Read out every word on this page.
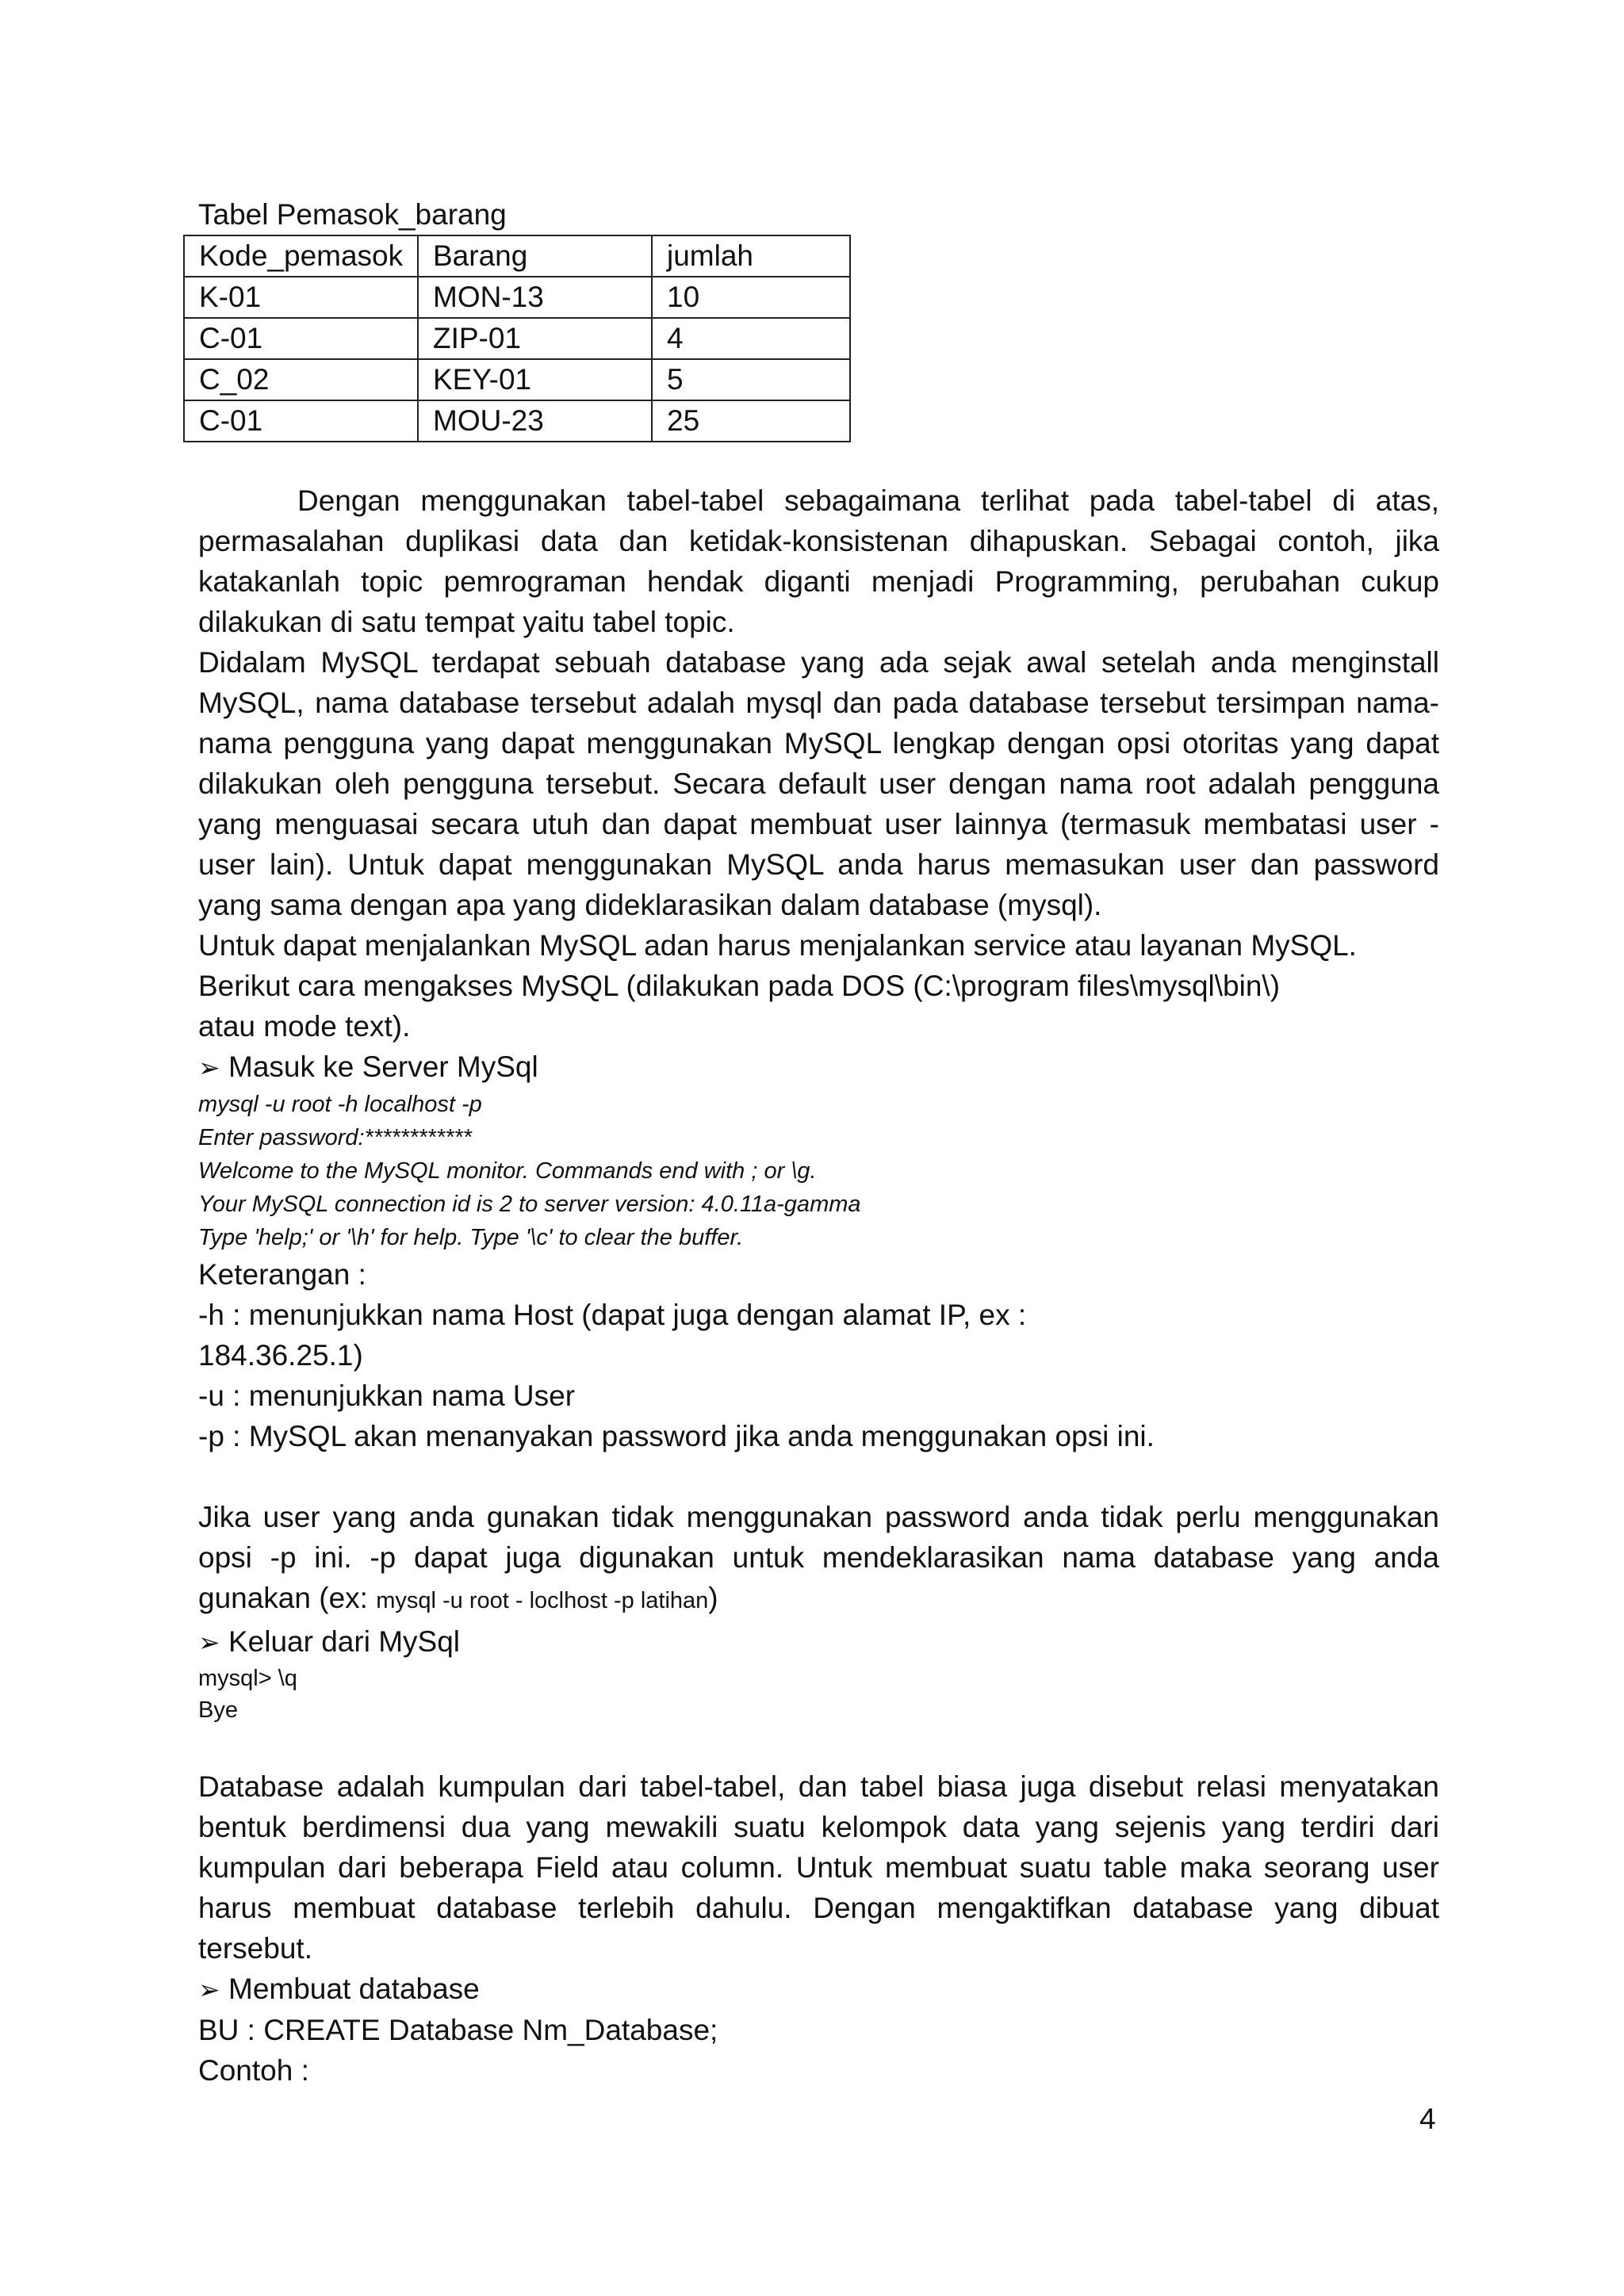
Tabel Pemasok_barang

Kode_pemasok	Barang	jumlah
K-01	MON-13	10
C-01	ZIP-01	4
C_02	KEY-01	5
C-01	MOU-23	25

Dengan menggunakan tabel-tabel sebagaimana terlihat pada tabel-tabel di atas, permasalahan duplikasi data dan ketidak-konsistenan dihapuskan. Sebagai contoh, jika katakanlah topic pemrograman hendak diganti menjadi Programming, perubahan cukup dilakukan di satu tempat yaitu tabel topic.

Didalam MySQL terdapat sebuah database yang ada sejak awal setelah anda menginstall MySQL, nama database tersebut adalah mysql dan pada database tersebut tersimpan nama-nama pengguna yang dapat menggunakan MySQL lengkap dengan opsi otoritas yang dapat dilakukan oleh pengguna tersebut. Secara default user dengan nama root adalah pengguna yang menguasai secara utuh dan dapat membuat user lainnya (termasuk membatasi user - user lain). Untuk dapat menggunakan MySQL anda harus memasukan user dan password yang sama dengan apa yang dideklarasikan dalam database (mysql).

Untuk dapat menjalankan MySQL adan harus menjalankan service atau layanan MySQL.

Berikut cara mengakses MySQL (dilakukan pada DOS (C:\program files\mysql\bin\)

atau mode text).

➢ Masuk ke Server MySql

mysql -u root -h localhost -p
Enter password:************
Welcome to the MySQL monitor. Commands end with ; or \g.
Your MySQL connection id is 2 to server version: 4.0.11a-gamma
Type 'help;' or '\h' for help. Type '\c' to clear the buffer.

Keterangan :

-h : menunjukkan nama Host (dapat juga dengan alamat IP, ex :

184.36.25.1)

-u : menunjukkan nama User

-p : MySQL akan menanyakan password jika anda menggunakan opsi ini.

Jika user yang anda gunakan tidak menggunakan password anda tidak perlu menggunakan opsi -p ini. -p dapat juga digunakan untuk mendeklarasikan nama database yang anda gunakan (ex: mysql -u root - loclhost -p latihan)

➢ Keluar dari MySql

mysql> \q
Bye

Database adalah kumpulan dari tabel-tabel, dan tabel biasa juga disebut relasi menyatakan bentuk berdimensi dua yang mewakili suatu kelompok data yang sejenis yang terdiri dari kumpulan dari beberapa Field atau column. Untuk membuat suatu table maka seorang user harus membuat database terlebih dahulu. Dengan mengaktifkan database yang dibuat tersebut.

➢ Membuat database

BU : CREATE Database Nm_Database;

Contoh :

4
